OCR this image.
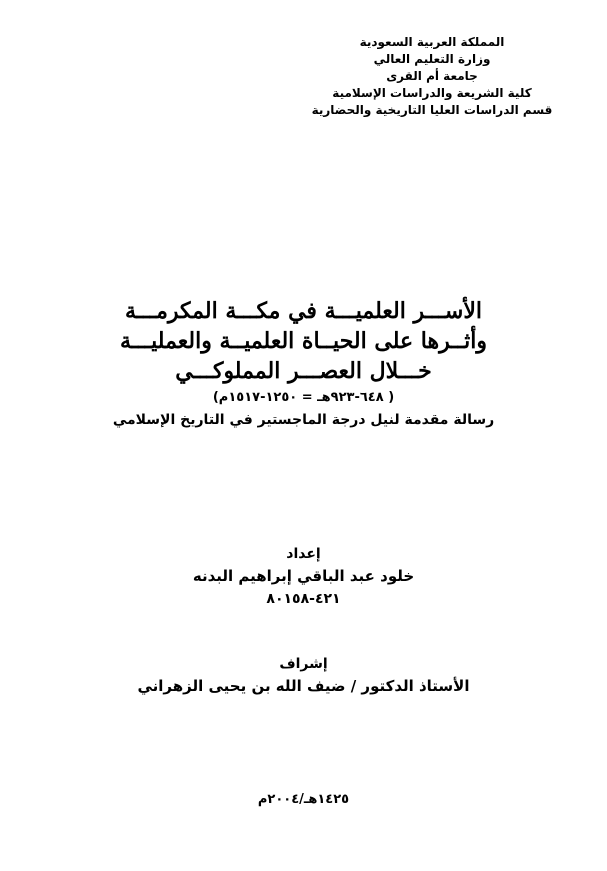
المملكة العربية السعودية
وزارة التعليم العالي
جامعة أم القرى
كلية الشريعة والدراسات الإسلامية
قسم الدراسات العليا التاريخية والحضارية
الأســـر العلميـــة في مكـــة المكرمـــة
وأثــرها على الحيــاة العلميــة والعمليـــة
خـــلال العصـــر المملوكـــي
( ٦٤٨-٩٢٣هـ = ١٢٥٠-١٥١٧م)
رسالة مقدمة لنيل درجة الماجستير في التاريخ الإسلامي
إعداد
خلود عبد الباقي إبراهيم البدنه
٤٢١-٨٠١٥٨
إشراف
الأستاذ الدكتور / ضيف الله بن يحيى الزهراني
١٤٢٥هـ/٢٠٠٤م
